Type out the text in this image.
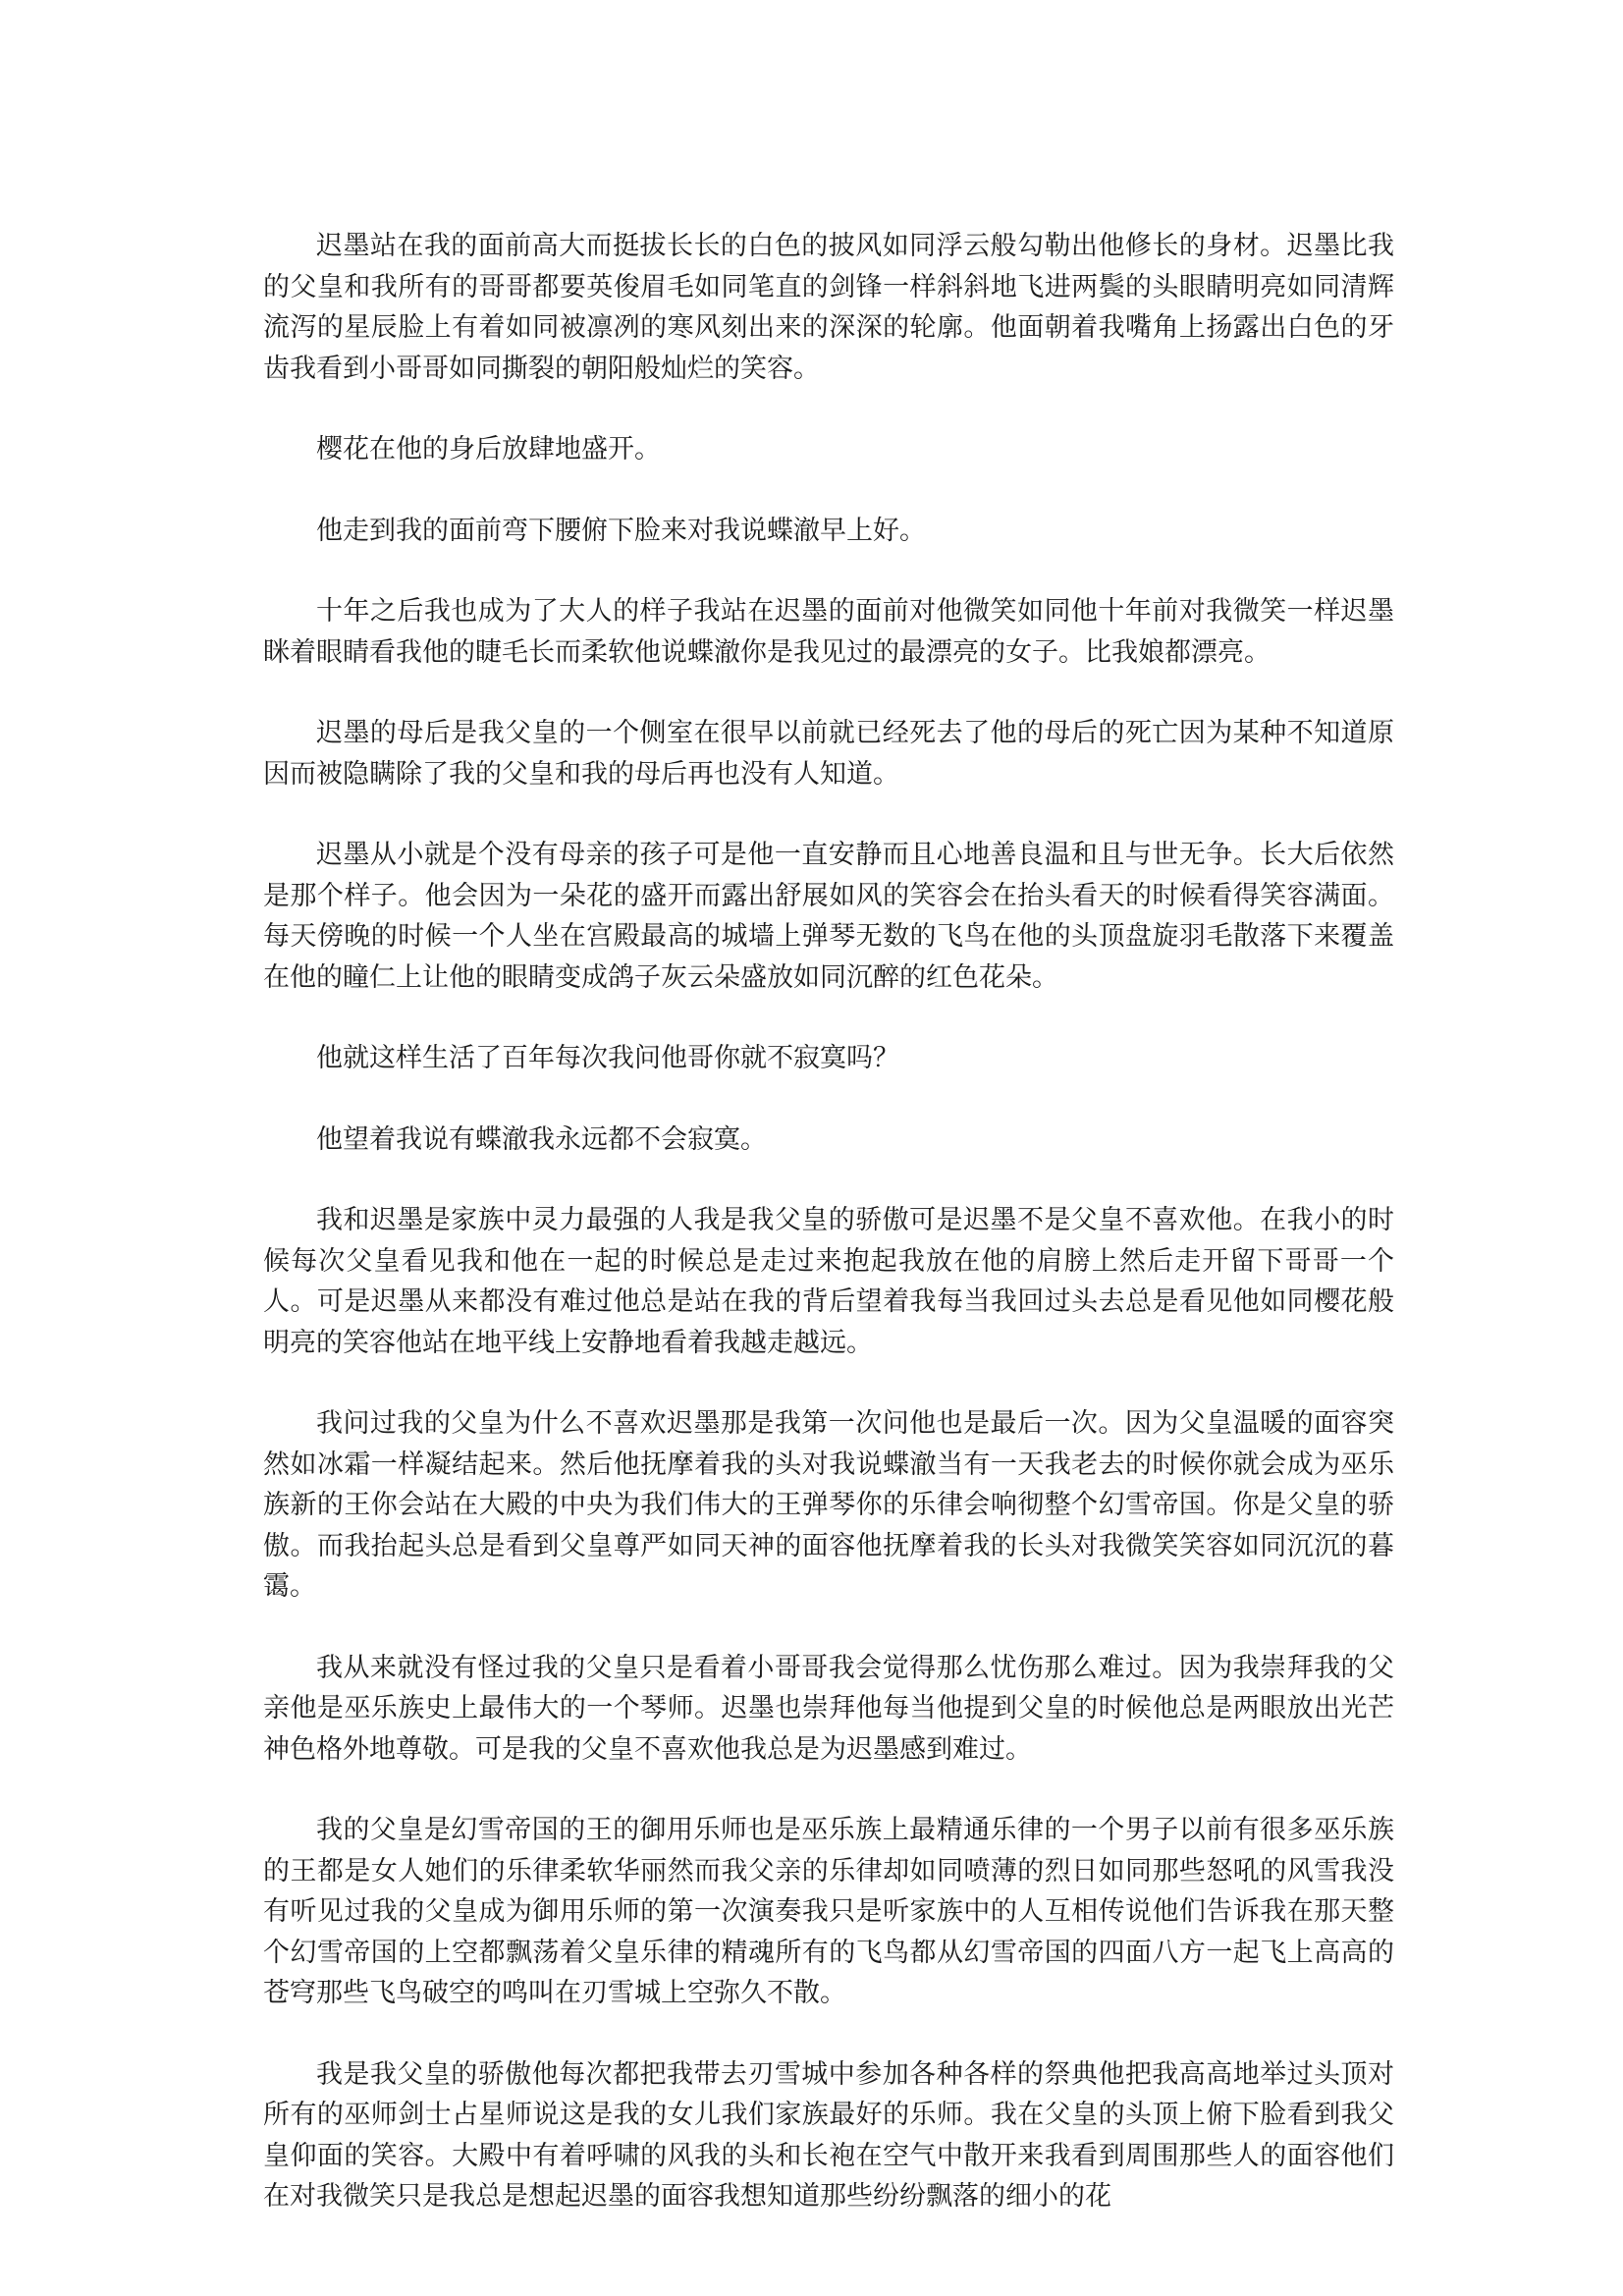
迟墨站在我的面前高大而挺拔长长的白色的披风如同浮云般勾勒出他修长的身材。迟墨比我的父皇和我所有的哥哥都要英俊眉毛如同笔直的剑锋一样斜斜地飞进两鬓的头眼睛明亮如同清辉流泻的星辰脸上有着如同被凛冽的寒风刻出来的深深的轮廓。他面朝着我嘴角上扬露出白色的牙齿我看到小哥哥如同撕裂的朝阳般灿烂的笑容。

樱花在他的身后放肆地盛开。

他走到我的面前弯下腰俯下脸来对我说蝶澈早上好。

十年之后我也成为了大人的样子我站在迟墨的面前对他微笑如同他十年前对我微笑一样迟墨眯着眼睛看我他的睫毛长而柔软他说蝶澈你是我见过的最漂亮的女子。比我娘都漂亮。

迟墨的母后是我父皇的一个侧室在很早以前就已经死去了他的母后的死亡因为某种不知道原因而被隐瞒除了我的父皇和我的母后再也没有人知道。

迟墨从小就是个没有母亲的孩子可是他一直安静而且心地善良温和且与世无争。长大后依然是那个样子。他会因为一朵花的盛开而露出舒展如风的笑容会在抬头看天的时候看得笑容满面。每天傍晚的时候一个人坐在宫殿最高的城墙上弹琴无数的飞鸟在他的头顶盘旋羽毛散落下来覆盖在他的瞳仁上让他的眼睛变成鸽子灰云朵盛放如同沉醉的红色花朵。

他就这样生活了百年每次我问他哥你就不寂寞吗？

他望着我说有蝶澈我永远都不会寂寞。

我和迟墨是家族中灵力最强的人我是我父皇的骄傲可是迟墨不是父皇不喜欢他。在我小的时候每次父皇看见我和他在一起的时候总是走过来抱起我放在他的肩膀上然后走开留下哥哥一个人。可是迟墨从来都没有难过他总是站在我的背后望着我每当我回过头去总是看见他如同樱花般明亮的笑容他站在地平线上安静地看着我越走越远。

我问过我的父皇为什么不喜欢迟墨那是我第一次问他也是最后一次。因为父皇温暖的面容突然如冰霜一样凝结起来。然后他抚摩着我的头对我说蝶澈当有一天我老去的时候你就会成为巫乐族新的王你会站在大殿的中央为我们伟大的王弹琴你的乐律会响彻整个幻雪帝国。你是父皇的骄傲。而我抬起头总是看到父皇尊严如同天神的面容他抚摩着我的长头对我微笑笑容如同沉沉的暮霭。

我从来就没有怪过我的父皇只是看着小哥哥我会觉得那么忧伤那么难过。因为我崇拜我的父亲他是巫乐族史上最伟大的一个琴师。迟墨也崇拜他每当他提到父皇的时候他总是两眼放出光芒神色格外地尊敬。可是我的父皇不喜欢他我总是为迟墨感到难过。

我的父皇是幻雪帝国的王的御用乐师也是巫乐族上最精通乐律的一个男子以前有很多巫乐族的王都是女人她们的乐律柔软华丽然而我父亲的乐律却如同喷薄的烈日如同那些怒吼的风雪我没有听见过我的父皇成为御用乐师的第一次演奏我只是听家族中的人互相传说他们告诉我在那天整个幻雪帝国的上空都飘荡着父皇乐律的精魂所有的飞鸟都从幻雪帝国的四面八方一起飞上高高的苍穹那些飞鸟破空的鸣叫在刃雪城上空弥久不散。

我是我父皇的骄傲他每次都把我带去刃雪城中参加各种各样的祭典他把我高高地举过头顶对所有的巫师剑士占星师说这是我的女儿我们家族最好的乐师。我在父皇的头顶上俯下脸看到我父皇仰面的笑容。大殿中有着呼啸的风我的头和长袍在空气中散开来我看到周围那些人的面容他们在对我微笑只是我总是想起迟墨的面容我想知道那些纷纷飘落的细小的花
